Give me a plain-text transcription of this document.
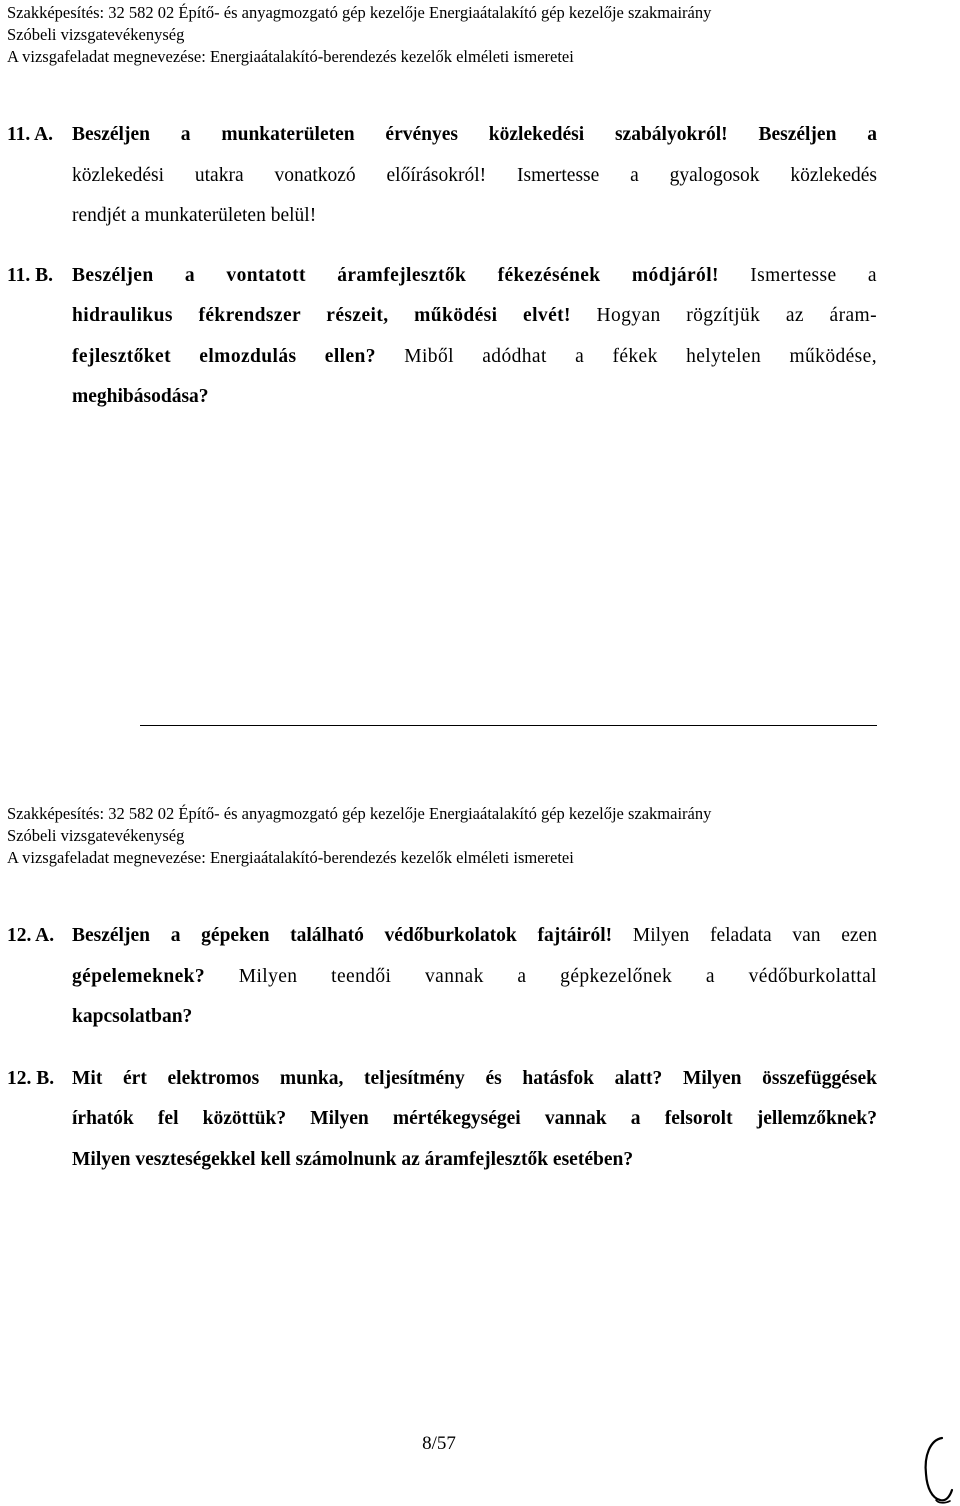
Szakképesítés: 32 582 02 Építő- és anyagmozgató gép kezelője Energiaátalakító gép kezelője szakmairány
Szóbeli vizsgatevékenység
A vizsgafeladat megnevezése: Energiaátalakító-berendezés kezelők elméleti ismeretei
11. A. Beszéljen a munkaterületen érvényes közlekedési szabályokról! Beszéljen a
közlekedési utakra vonatkozó előírásokról! Ismertesse a gyalogosok közlekedés
rendjét a munkaterületen belül!
11. B. Beszéljen a vontatott áramfejlesztők fékezésének módjáról! Ismertesse a
hidraulikus fékrendszer részeit, működési elvét! Hogyan rögzítjük az áram-
fejlesztőket elmozdulás ellen? Miből adódhat a fékek helytelen működése,
meghibásodása?
Szakképesítés: 32 582 02 Építő- és anyagmozgató gép kezelője Energiaátalakító gép kezelője szakmairány
Szóbeli vizsgatevékenység
A vizsgafeladat megnevezése: Energiaátalakító-berendezés kezelők elméleti ismeretei
12. A. Beszéljen a gépeken található védőburkolatok fajtáiról! Milyen feladata van ezen
gépelemeknek? Milyen teendői vannak a gépkezelőnek a védőburkolattal
kapcsolatban?
12. B. Mit ért elektromos munka, teljesítmény és hatásfok alatt? Milyen összefüggések
írhatók fel közöttük? Milyen mértékegységei vannak a felsorolt jellemzőknek?
Milyen veszteségekkel kell számolnunk az áramfejlesztők esetében?
8/57
